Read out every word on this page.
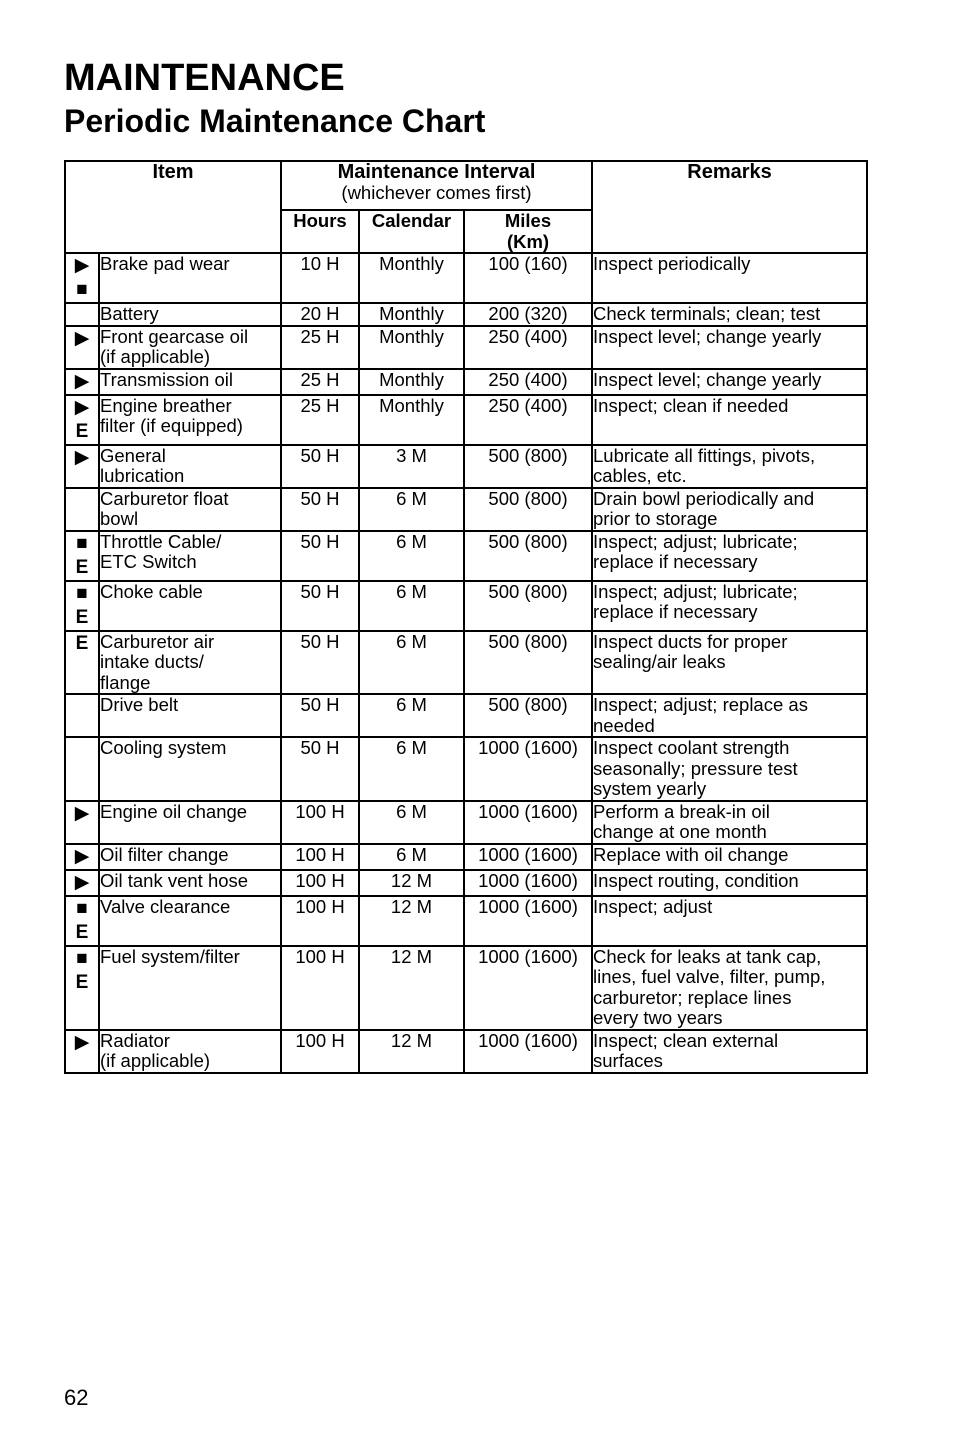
MAINTENANCE
Periodic Maintenance Chart
Item		Maintenance Interval
(whichever comes first)			Remarks
		Hours	Calendar	Miles
(Km)	

▶
■	Brake pad wear	10 H	Monthly	100 (160)	Inspect periodically

	Battery	20 H	Monthly	200 (320)	Check terminals; clean; test

▶	Front gearcase oil
(if applicable)	25 H	Monthly	250 (400)	Inspect level; change yearly

▶	Transmission oil	25 H	Monthly	250 (400)	Inspect level; change yearly

▶
E	Engine breather
filter (if equipped)	25 H	Monthly	250 (400)	Inspect; clean if needed

▶	General
lubrication	50 H	3 M	500 (800)	Lubricate all fittings, pivots,
cables, etc.

	Carburetor float
bowl	50 H	6 M	500 (800)	Drain bowl periodically and
prior to storage

■
E	Throttle Cable/
ETC Switch	50 H	6 M	500 (800)	Inspect; adjust; lubricate;
replace if necessary

■
E	Choke cable	50 H	6 M	500 (800)	Inspect; adjust; lubricate;
replace if necessary

E	Carburetor air
intake ducts/
flange	50 H	6 M	500 (800)	Inspect ducts for proper
sealing/air leaks

	Drive belt	50 H	6 M	500 (800)	Inspect; adjust; replace as
needed

	Cooling system	50 H	6 M	1000 (1600)	Inspect coolant strength
seasonally; pressure test
system yearly

▶	Engine oil change	100 H	6 M	1000 (1600)	Perform a break-in oil
change at one month

▶	Oil filter change	100 H	6 M	1000 (1600)	Replace with oil change

▶	Oil tank vent hose	100 H	12 M	1000 (1600)	Inspect routing, condition

■
E	Valve clearance	100 H	12 M	1000 (1600)	Inspect; adjust

■
E	Fuel system/filter	100 H	12 M	1000 (1600)	Check for leaks at tank cap,
lines, fuel valve, filter, pump,
carburetor; replace lines
every two years

▶	Radiator
(if applicable)	100 H	12 M	1000 (1600)	Inspect; clean external
surfaces
62
